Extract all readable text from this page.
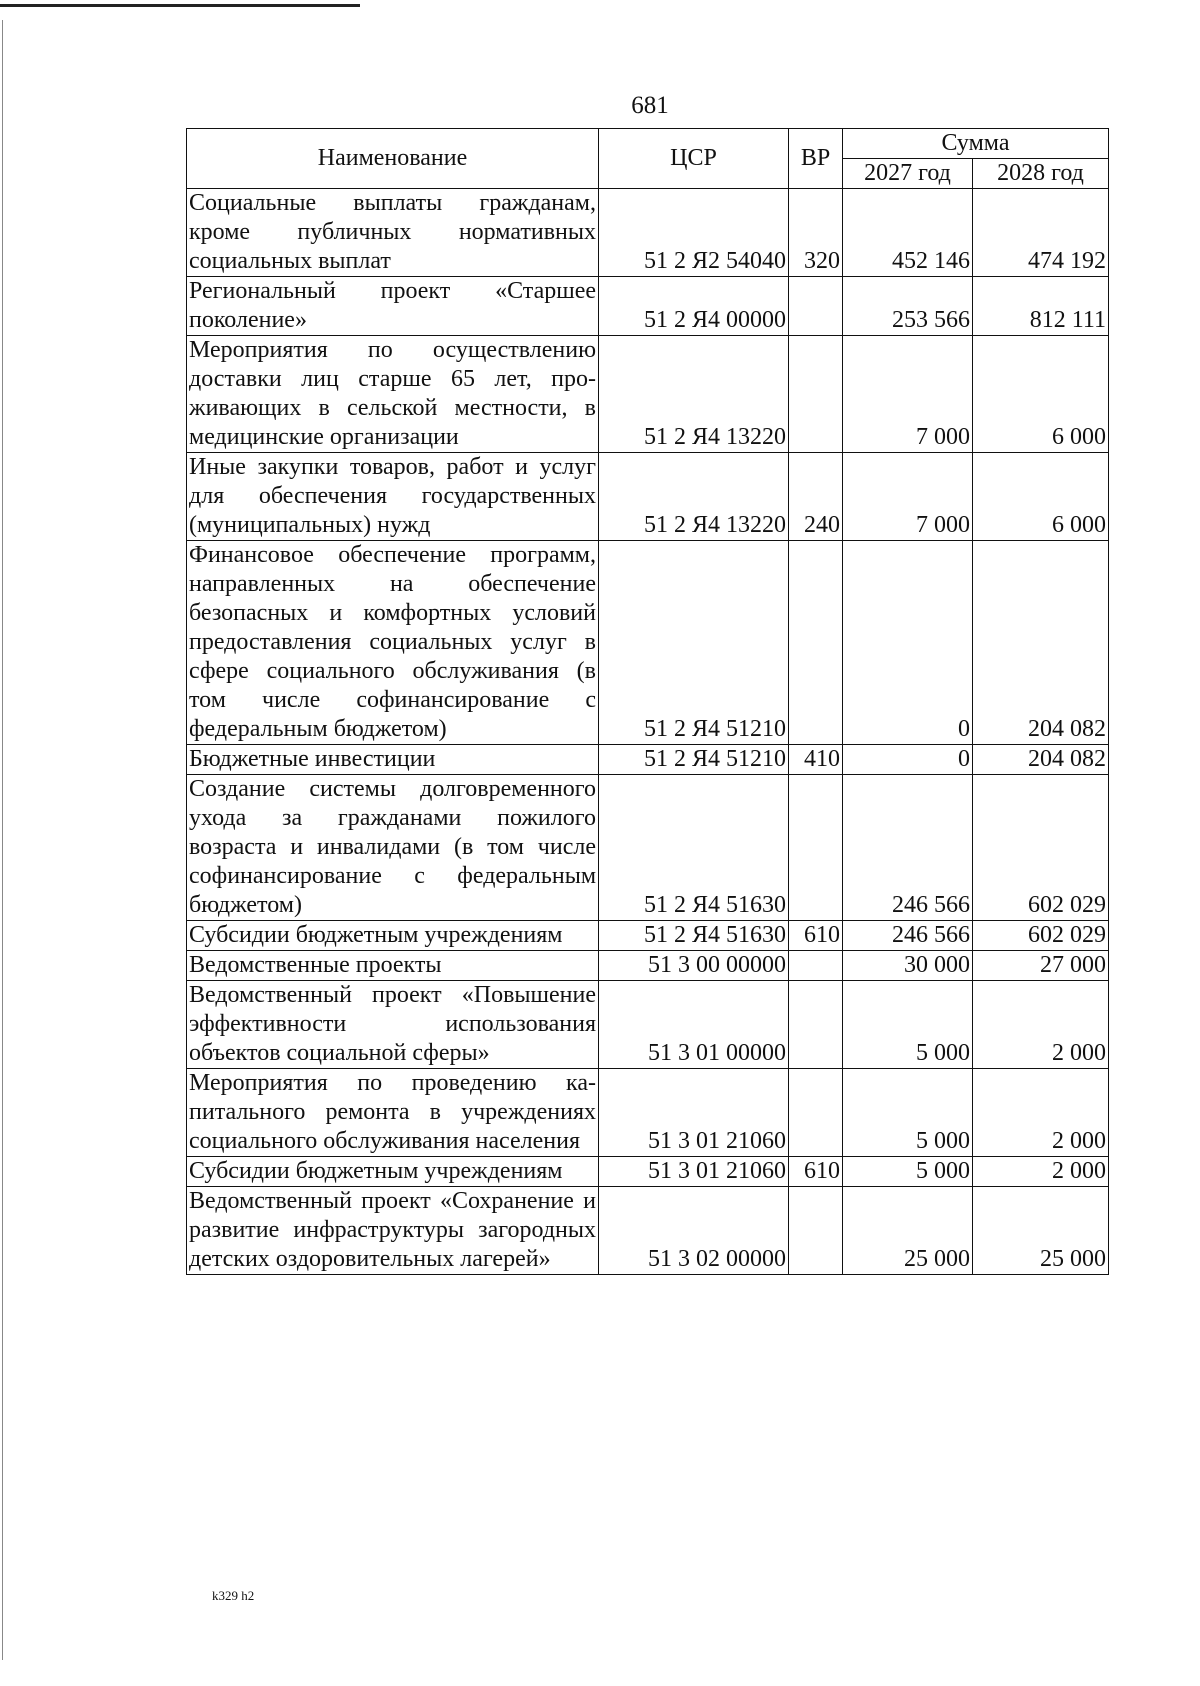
681
Наименование	ЦСР	ВР	Сумма	
			2027 год	2028 год
Социальные выплаты гражданам, кроме публичных нормативных социальных выплат	51 2 Я2 54040	320	452 146	474 192
Региональный проект «Старшее поколение»	51 2 Я4 00000		253 566	812 111
Мероприятия по осуществлению доставки лиц старше 65 лет, проживающих в сельской местности, в медицинские организации	51 2 Я4 13220		7 000	6 000
Иные закупки товаров, работ и услуг для обеспечения государственных (муниципальных) нужд	51 2 Я4 13220	240	7 000	6 000
Финансовое обеспечение программ, направленных на обеспечение безопасных и комфортных условий предоставления социальных услуг в сфере социального обслуживания (в том числе софинансирование с федеральным бюджетом)	51 2 Я4 51210		0	204 082
Бюджетные инвестиции	51 2 Я4 51210	410	0	204 082
Создание системы долговременного ухода за гражданами пожилого возраста и инвалидами (в том числе софинансирование с федеральным бюджетом)	51 2 Я4 51630		246 566	602 029
Субсидии бюджетным учреждениям	51 2 Я4 51630	610	246 566	602 029
Ведомственные проекты	51 3 00 00000		30 000	27 000
Ведомственный проект «Повышение эффективности использования объектов социальной сферы»	51 3 01 00000		5 000	2 000
Мероприятия по проведению капитального ремонта в учреждениях социального обслуживания населения	51 3 01 21060		5 000	2 000
Субсидии бюджетным учреждениям	51 3 01 21060	610	5 000	2 000
Ведомственный проект «Сохранение и развитие инфраструктуры загородных детских оздоровительных лагерей»	51 3 02 00000		25 000	25 000
k329 h2
